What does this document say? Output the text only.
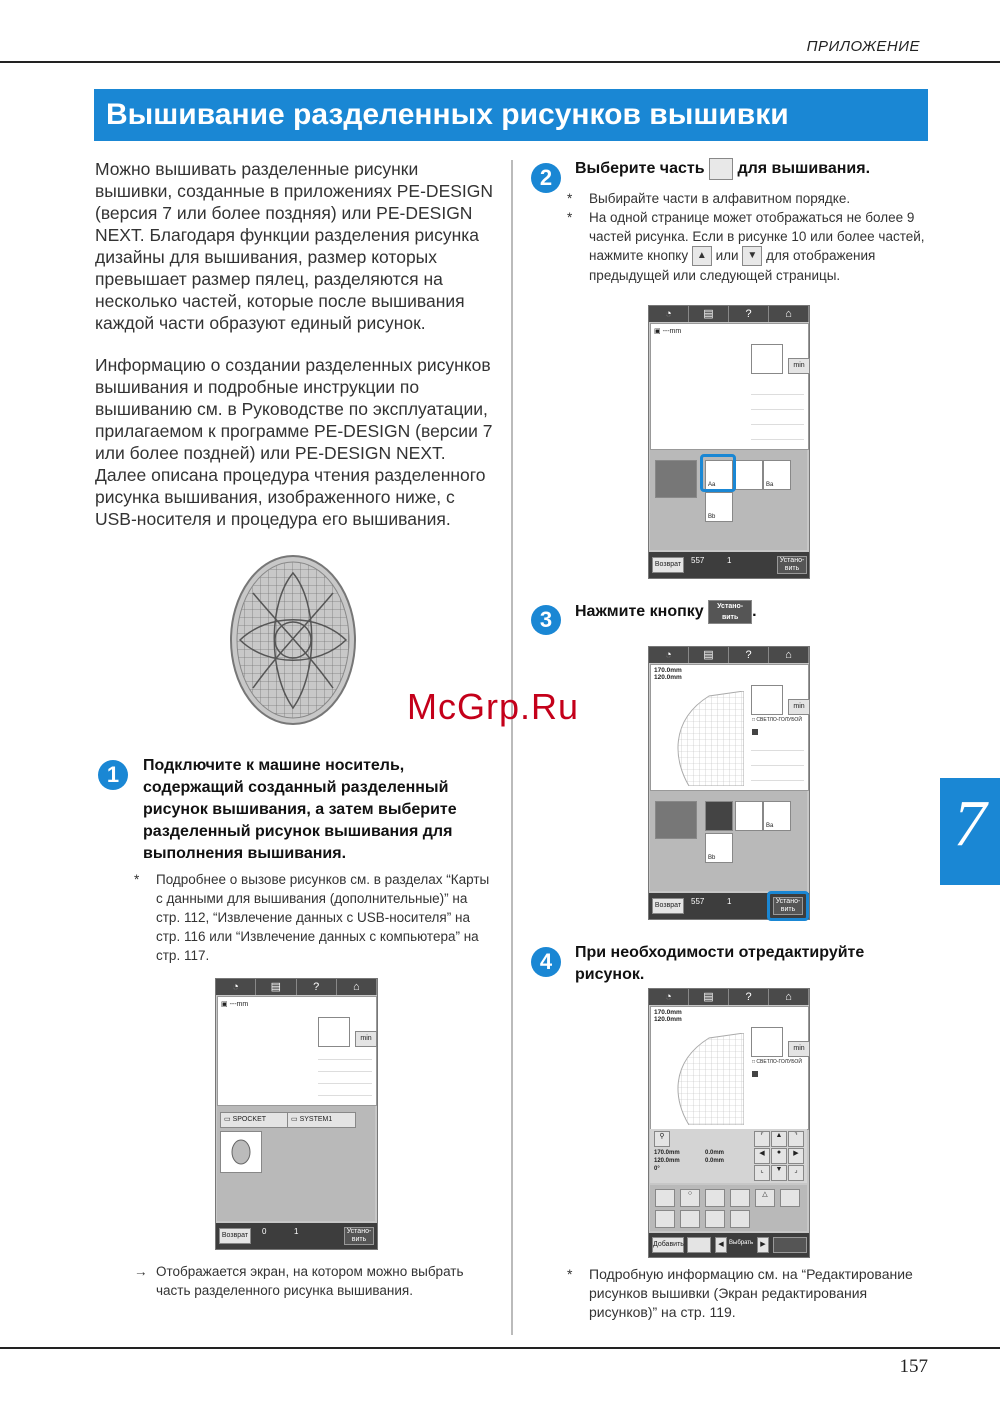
ПРИЛОЖЕНИЕ
Вышивание разделенных рисунков вышивки

Можно вышивать разделенные рисунки вышивки, созданные в приложениях PE-DESIGN (версия 7 или более поздняя) или PE-DESIGN NEXT. Благодаря функции разделения рисунка дизайны для вышивания, размер которых превышает размер пялец, разделяются на несколько частей, которые после вышивания каждой части образуют единый рисунок.

Информацию о создании разделенных рисунков вышивания и подробные инструкции по вышиванию см. в Руководстве по эксплуатации, прилагаемом к программе PE-DESIGN (версии 7 или более поздней) или PE-DESIGN NEXT. Далее описана процедура чтения разделенного рисунка вышивания, изображенного ниже, с USB-носителя и процедура его вышивания.

1	Подключите к машине носитель, содержащий созданный разделенный рисунок вышивания, а затем выберите разделенный рисунок вышивания для выполнения вышивания.
* Подробнее о вызове рисунков см. в разделах “Карты с данными для вышивания (дополнительные)” на стр. 112, “Извлечение данных с USB-носителя” на стр. 116 или “Извлечение данных с компьютера” на стр. 117.
◔	▤	?	⌂
▣ ---mm
min
▭ SPOCKET	▭ SYSTEM1
Возврат	0	1	Устано-вить
→ Отображается экран, на котором можно выбрать часть разделенного рисунка вышивания.
2	Выберите часть для вышивания.
* Выбирайте части в алфавитном порядке.
* На одной странице может отображаться не более 9 частей рисунка. Если в рисунке 10 или более частей, нажмите кнопку ▲ или ▼ для отображения предыдущей или следующей страницы.
◔	▤	?	⌂
▣ ---mm
min
Aa	Ba
Bb
Возврат	557	1	Устано-вить
3	Нажмите кнопку Устано-вить .
◔	▤	?	⌂
170.0mm
120.0mm
min
□ СВЕТЛО-ГОЛУБОЙ
Ba
Bb
Возврат	557	1	Устано-вить
4	При необходимости отредактируйте рисунок.
◔	▤	?	⌂
170.0mm
120.0mm
min
□ СВЕТЛО-ГОЛУБОЙ
⚲
170.0mm
120.0mm
0°
0.0mm
0.0mm
⌜	▲	⌝
◀	●	▶
⌞	▼	⌟
○	△
Добавить	◀ Выбрать	▶
* Подробную информацию см. на “Редактирование рисунков вышивки (Экран редактирования рисунков)” на стр. 119.
McGrp.Ru
7
157
